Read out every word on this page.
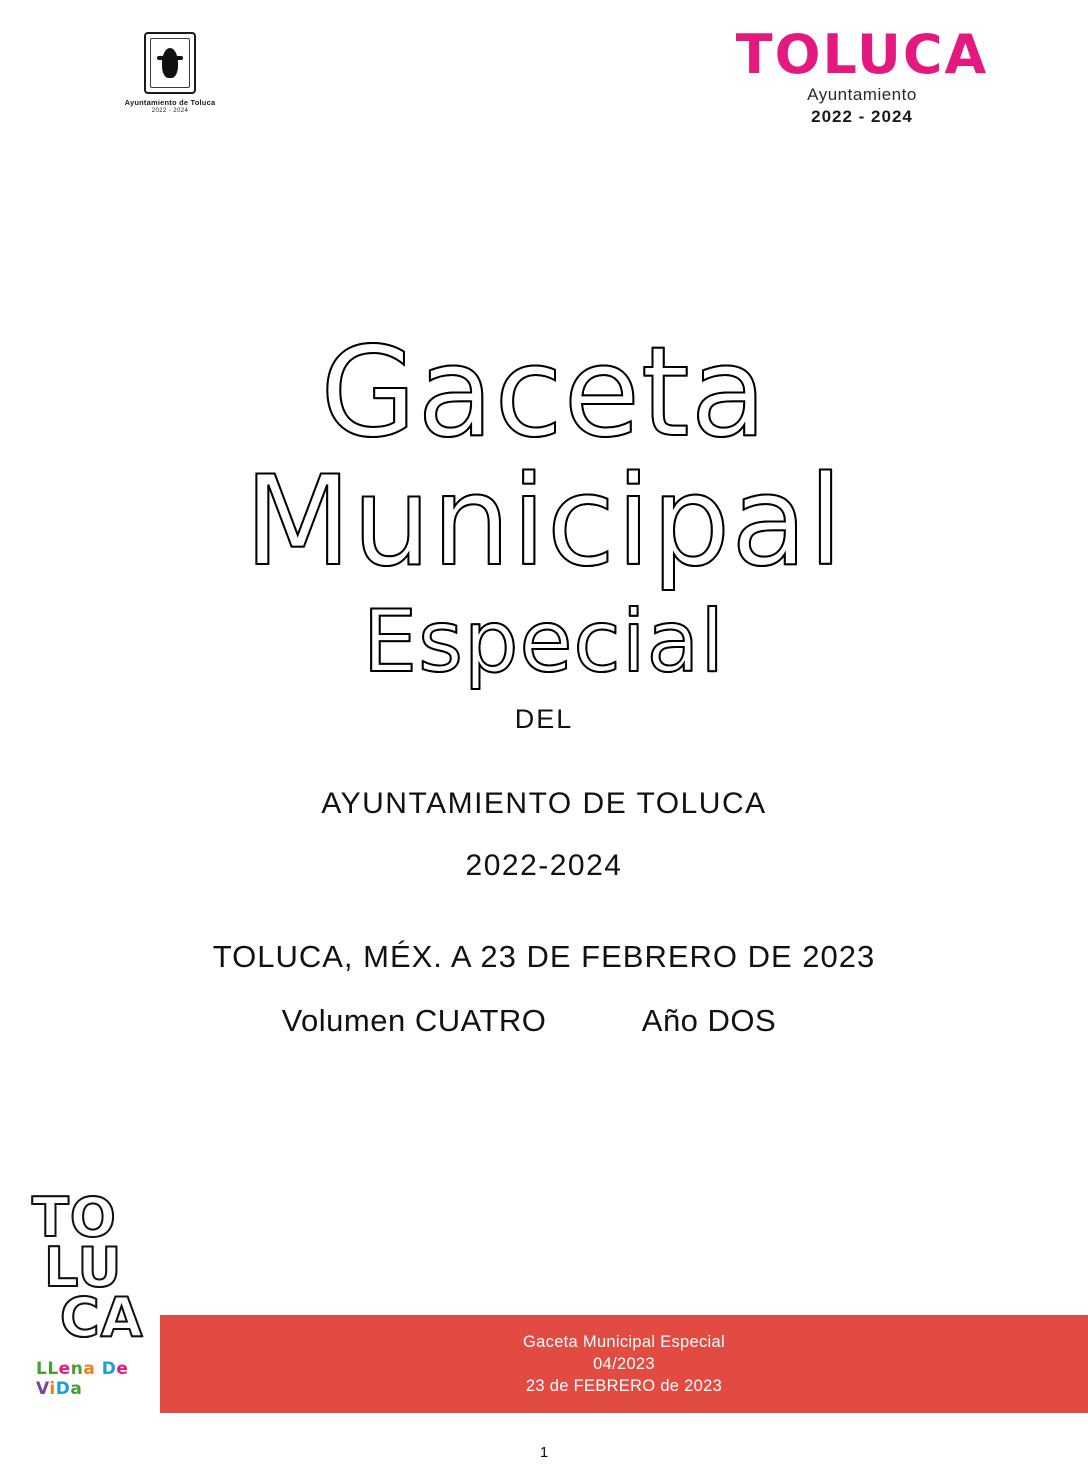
Ayuntamiento de Toluca
2022 - 2024
TOLUCA
Ayuntamiento
2022 - 2024
Gaceta
Municipal
Especial
DEL
AYUNTAMIENTO DE TOLUCA
2022-2024
TOLUCA, MÉX. A 23 DE FEBRERO DE 2023
Volumen CUATRO	Año DOS
TO
LU
CA
LLena De ViDa
Gaceta Municipal Especial
04/2023
23 de FEBRERO de 2023
1
